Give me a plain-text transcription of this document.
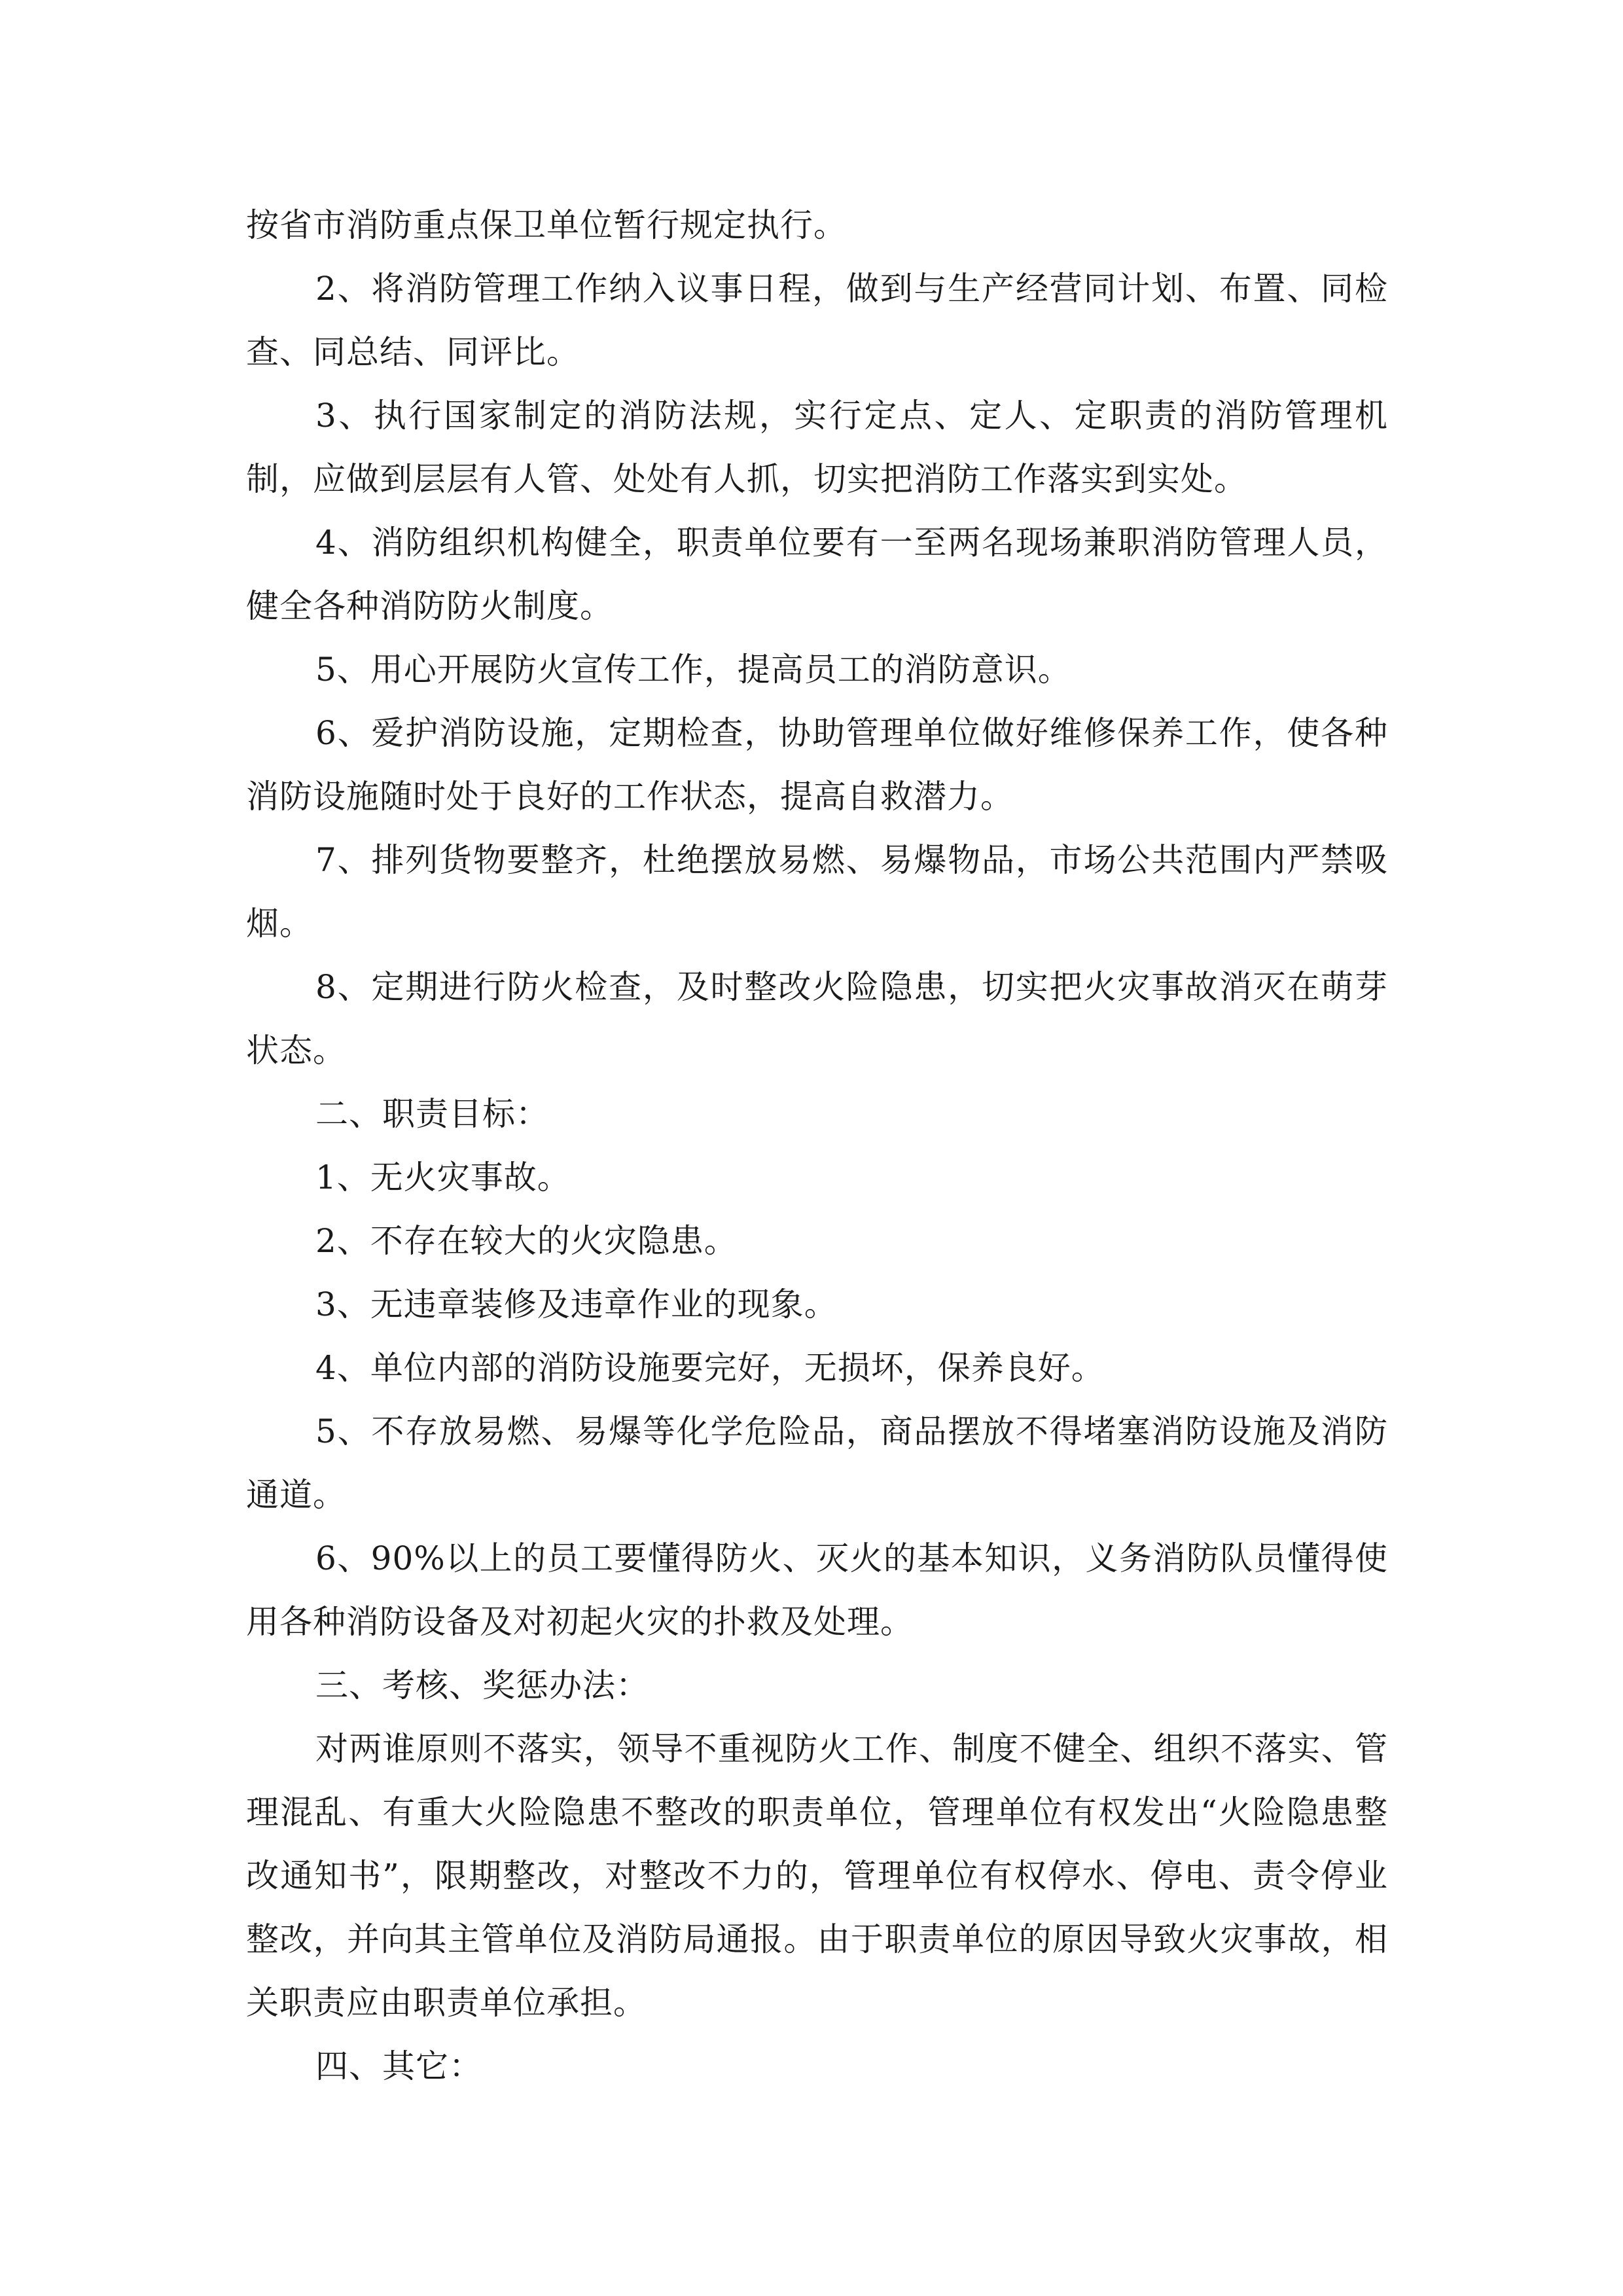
按省市消防重点保卫单位暂行规定执行。

2、将消防管理工作纳入议事日程，做到与生产经营同计划、布置、同检查、同总结、同评比。

3、执行国家制定的消防法规，实行定点、定人、定职责的消防管理机制，应做到层层有人管、处处有人抓，切实把消防工作落实到实处。

4、消防组织机构健全，职责单位要有一至两名现场兼职消防管理人员，健全各种消防防火制度。

5、用心开展防火宣传工作，提高员工的消防意识。

6、爱护消防设施，定期检查，协助管理单位做好维修保养工作，使各种消防设施随时处于良好的工作状态，提高自救潜力。

7、排列货物要整齐，杜绝摆放易燃、易爆物品，市场公共范围内严禁吸烟。

8、定期进行防火检查，及时整改火险隐患，切实把火灾事故消灭在萌芽状态。

二、职责目标：

1、无火灾事故。

2、不存在较大的火灾隐患。

3、无违章装修及违章作业的现象。

4、单位内部的消防设施要完好，无损坏，保养良好。

5、不存放易燃、易爆等化学危险品，商品摆放不得堵塞消防设施及消防通道。

6、90%以上的员工要懂得防火、灭火的基本知识，义务消防队员懂得使用各种消防设备及对初起火灾的扑救及处理。

三、考核、奖惩办法：

对两谁原则不落实，领导不重视防火工作、制度不健全、组织不落实、管理混乱、有重大火险隐患不整改的职责单位，管理单位有权发出“火险隐患整改通知书”，限期整改，对整改不力的，管理单位有权停水、停电、责令停业整改，并向其主管单位及消防局通报。由于职责单位的原因导致火灾事故，相关职责应由职责单位承担。

四、其它：
